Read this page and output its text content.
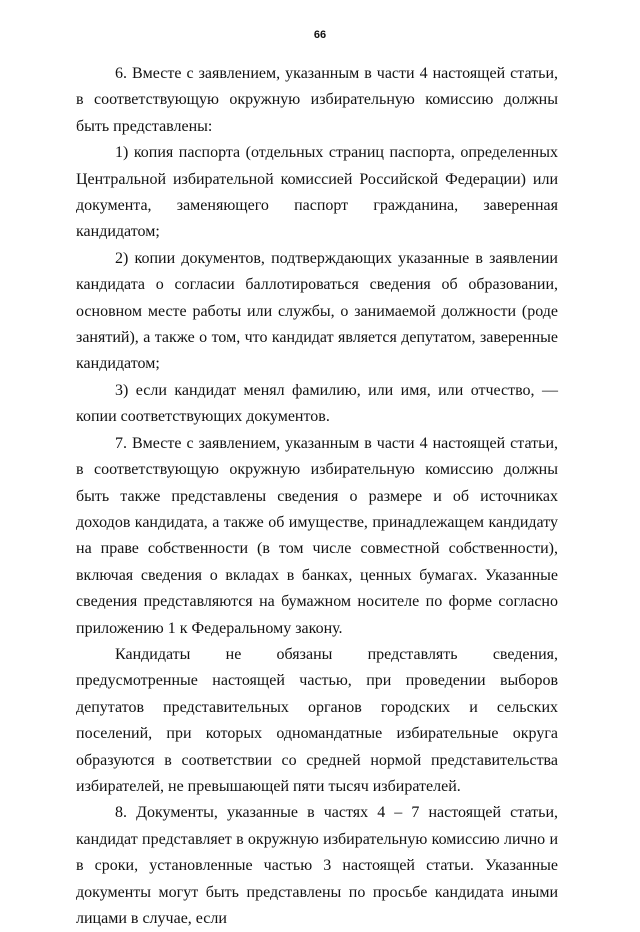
66

6. Вместе с заявлением, указанным в части 4 настоящей статьи, в соответствующую окружную избирательную комиссию должны быть представлены:

1) копия паспорта (отдельных страниц паспорта, определенных Центральной избирательной комиссией Российской Федерации) или документа, заменяющего паспорт гражданина, заверенная кандидатом;

2) копии документов, подтверждающих указанные в заявлении кандидата о согласии баллотироваться сведения об образовании, основном месте работы или службы, о занимаемой должности (роде занятий), а также о том, что кандидат является депутатом, заверенные кандидатом;

3) если кандидат менял фамилию, или имя, или отчество, — копии соответствующих документов.

7. Вместе с заявлением, указанным в части 4 настоящей статьи, в соответствующую окружную избирательную комиссию должны быть также представлены сведения о размере и об источниках доходов кандидата, а также об имуществе, принадлежащем кандидату на праве собственности (в том числе совместной собственности), включая сведения о вкладах в банках, ценных бумагах. Указанные сведения представляются на бумажном носителе по форме согласно приложению 1 к Федеральному закону.

Кандидаты не обязаны представлять сведения, предусмотренные настоящей частью, при проведении выборов депутатов представительных органов городских и сельских поселений, при которых одномандатные избирательные округа образуются в соответствии со средней нормой представительства избирателей, не превышающей пяти тысяч избирателей.

8. Документы, указанные в частях 4 – 7 настоящей статьи, кандидат представляет в окружную избирательную комиссию лично и в сроки, установленные частью 3 настоящей статьи. Указанные документы могут быть представлены по просьбе кандидата иными лицами в случае, если
